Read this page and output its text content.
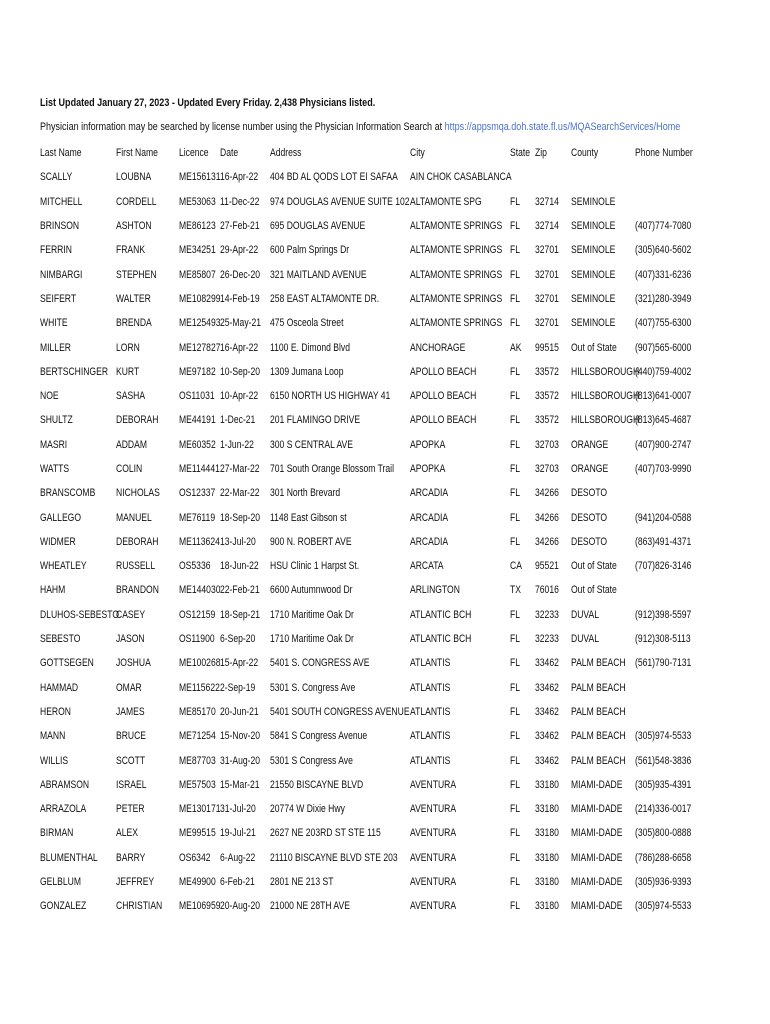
List Updated January 27, 2023 - Updated Every Friday. 2,438 Physicians listed.
Physician information may be searched by license number using the Physician Information Search at https://appsmqa.doh.state.fl.us/MQASearchServices/Home
Last Name	First Name	Licence	Date	Address	City	State	Zip	County	Phone Number
SCALLY	LOUBNA	ME156131	16-Apr-22	404 BD AL QODS LOT EI SAFAA	AIN CHOK CASABLANCA				
MITCHELL	CORDELL	ME53063	11-Dec-22	974 DOUGLAS AVENUE SUITE 102	ALTAMONTE SPG	FL	32714	SEMINOLE	
BRINSON	ASHTON	ME86123	27-Feb-21	695 DOUGLAS AVENUE	ALTAMONTE SPRINGS	FL	32714	SEMINOLE	(407)774-7080
FERRIN	FRANK	ME34251	29-Apr-22	600 Palm Springs Dr	ALTAMONTE SPRINGS	FL	32701	SEMINOLE	(305)640-5602
NIMBARGI	STEPHEN	ME85807	26-Dec-20	321 MAITLAND AVENUE	ALTAMONTE SPRINGS	FL	32701	SEMINOLE	(407)331-6236
SEIFERT	WALTER	ME108299	14-Feb-19	258 EAST ALTAMONTE DR.	ALTAMONTE SPRINGS	FL	32701	SEMINOLE	(321)280-3949
WHITE	BRENDA	ME125493	25-May-21	475 Osceola Street	ALTAMONTE SPRINGS	FL	32701	SEMINOLE	(407)755-6300
MILLER	LORN	ME127827	16-Apr-22	1100 E. Dimond Blvd	ANCHORAGE	AK	99515	Out of State	(907)565-6000
BERTSCHINGER	KURT	ME97182	10-Sep-20	1309 Jumana Loop	APOLLO BEACH	FL	33572	HILLSBOROUGH	(440)759-4002
NOE	SASHA	OS11031	10-Apr-22	6150 NORTH US HIGHWAY 41	APOLLO BEACH	FL	33572	HILLSBOROUGH	(813)641-0007
SHULTZ	DEBORAH	ME44191	1-Dec-21	201 FLAMINGO DRIVE	APOLLO BEACH	FL	33572	HILLSBOROUGH	(813)645-4687
MASRI	ADDAM	ME60352	1-Jun-22	300 S CENTRAL AVE	APOPKA	FL	32703	ORANGE	(407)900-2747
WATTS	COLIN	ME114441	27-Mar-22	701 South Orange Blossom Trail	APOPKA	FL	32703	ORANGE	(407)703-9990
BRANSCOMB	NICHOLAS	OS12337	22-Mar-22	301 North Brevard	ARCADIA	FL	34266	DESOTO	
GALLEGO	MANUEL	ME76119	18-Sep-20	1148 East Gibson st	ARCADIA	FL	34266	DESOTO	(941)204-0588
WIDMER	DEBORAH	ME113624	13-Jul-20	900 N. ROBERT AVE	ARCADIA	FL	34266	DESOTO	(863)491-4371
WHEATLEY	RUSSELL	OS5336	18-Jun-22	HSU Clinic 1 Harpst St.	ARCATA	CA	95521	Out of State	(707)826-3146
HAHM	BRANDON	ME144030	22-Feb-21	6600 Autumnwood Dr	ARLINGTON	TX	76016	Out of State	
DLUHOS-SEBESTO	CASEY	OS12159	18-Sep-21	1710 Maritime Oak Dr	ATLANTIC BCH	FL	32233	DUVAL	(912)398-5597
SEBESTO	JASON	OS11900	6-Sep-20	1710 Maritime Oak Dr	ATLANTIC BCH	FL	32233	DUVAL	(912)308-5113
GOTTSEGEN	JOSHUA	ME100268	15-Apr-22	5401 S. CONGRESS AVE	ATLANTIS	FL	33462	PALM BEACH	(561)790-7131
HAMMAD	OMAR	ME115622	2-Sep-19	5301 S. Congress Ave	ATLANTIS	FL	33462	PALM BEACH	
HERON	JAMES	ME85170	20-Jun-21	5401 SOUTH CONGRESS AVENUE	ATLANTIS	FL	33462	PALM BEACH	
MANN	BRUCE	ME71254	15-Nov-20	5841 S Congress Avenue	ATLANTIS	FL	33462	PALM BEACH	(305)974-5533
WILLIS	SCOTT	ME87703	31-Aug-20	5301 S Congress Ave	ATLANTIS	FL	33462	PALM BEACH	(561)548-3836
ABRAMSON	ISRAEL	ME57503	15-Mar-21	21550 BISCAYNE BLVD	AVENTURA	FL	33180	MIAMI-DADE	(305)935-4391
ARRAZOLA	PETER	ME130171	31-Jul-20	20774 W Dixie Hwy	AVENTURA	FL	33180	MIAMI-DADE	(214)336-0017
BIRMAN	ALEX	ME99515	19-Jul-21	2627 NE 203RD ST STE 115	AVENTURA	FL	33180	MIAMI-DADE	(305)800-0888
BLUMENTHAL	BARRY	OS6342	6-Aug-22	21110 BISCAYNE BLVD STE 203	AVENTURA	FL	33180	MIAMI-DADE	(786)288-6658
GELBLUM	JEFFREY	ME49900	6-Feb-21	2801 NE 213 ST	AVENTURA	FL	33180	MIAMI-DADE	(305)936-9393
GONZALEZ	CHRISTIAN	ME106959	20-Aug-20	21000 NE 28TH AVE	AVENTURA	FL	33180	MIAMI-DADE	(305)974-5533
